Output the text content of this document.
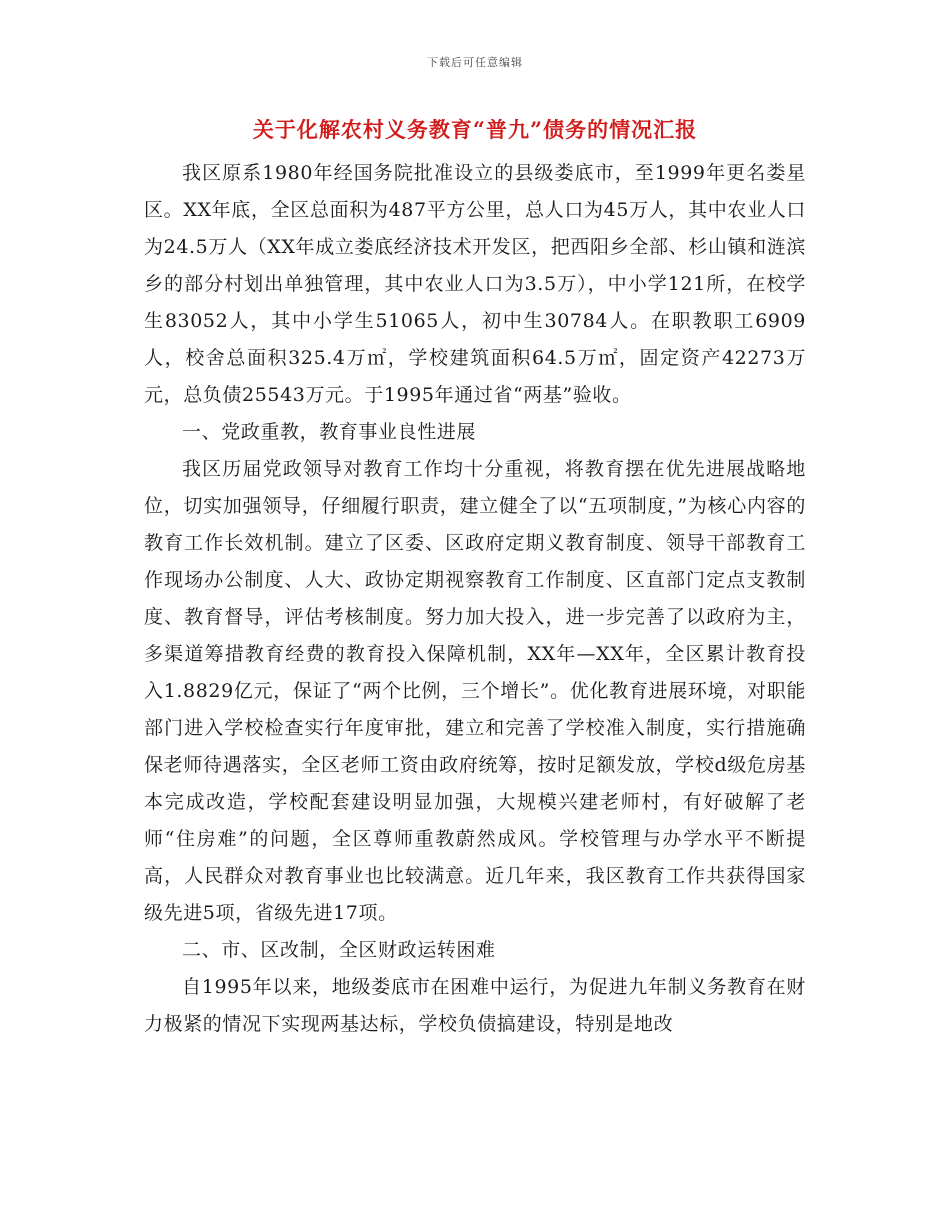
下载后可任意编辑
关于化解农村义务教育“普九”债务的情况汇报

我区原系1980年经国务院批准设立的县级娄底市，至1999年更名娄星区。XX年底，全区总面积为487平方公里，总人口为45万人，其中农业人口为24.5万人（XX年成立娄底经济技术开发区，把西阳乡全部、杉山镇和涟滨乡的部分村划出单独管理，其中农业人口为3.5万），中小学121所，在校学生83052人，其中小学生51065人，初中生30784人。在职教职工6909人，校舍总面积325.4万㎡，学校建筑面积64.5万㎡，固定资产42273万元，总负债25543万元。于1995年通过省“两基”验收。

一、党政重教，教育事业良性进展

我区历届党政领导对教育工作均十分重视，将教育摆在优先进展战略地位，切实加强领导，仔细履行职责，建立健全了以“五项制度，”为核心内容的教育工作长效机制。建立了区委、区政府定期义教育制度、领导干部教育工作现场办公制度、人大、政协定期视察教育工作制度、区直部门定点支教制度、教育督导，评估考核制度。努力加大投入，进一步完善了以政府为主，多渠道筹措教育经费的教育投入保障机制，XX年—XX年，全区累计教育投入1.8829亿元，保证了“两个比例，三个增长”。优化教育进展环境，对职能部门进入学校检查实行年度审批，建立和完善了学校准入制度，实行措施确保老师待遇落实，全区老师工资由政府统筹，按时足额发放，学校d级危房基本完成改造，学校配套建设明显加强，大规模兴建老师村，有好破解了老师“住房难”的问题，全区尊师重教蔚然成风。学校管理与办学水平不断提高，人民群众对教育事业也比较满意。近几年来，我区教育工作共获得国家级先进5项，省级先进17项。

二、市、区改制，全区财政运转困难

自1995年以来，地级娄底市在困难中运行，为促进九年制义务教育在财力极紧的情况下实现两基达标，学校负债搞建设，特别是地改
